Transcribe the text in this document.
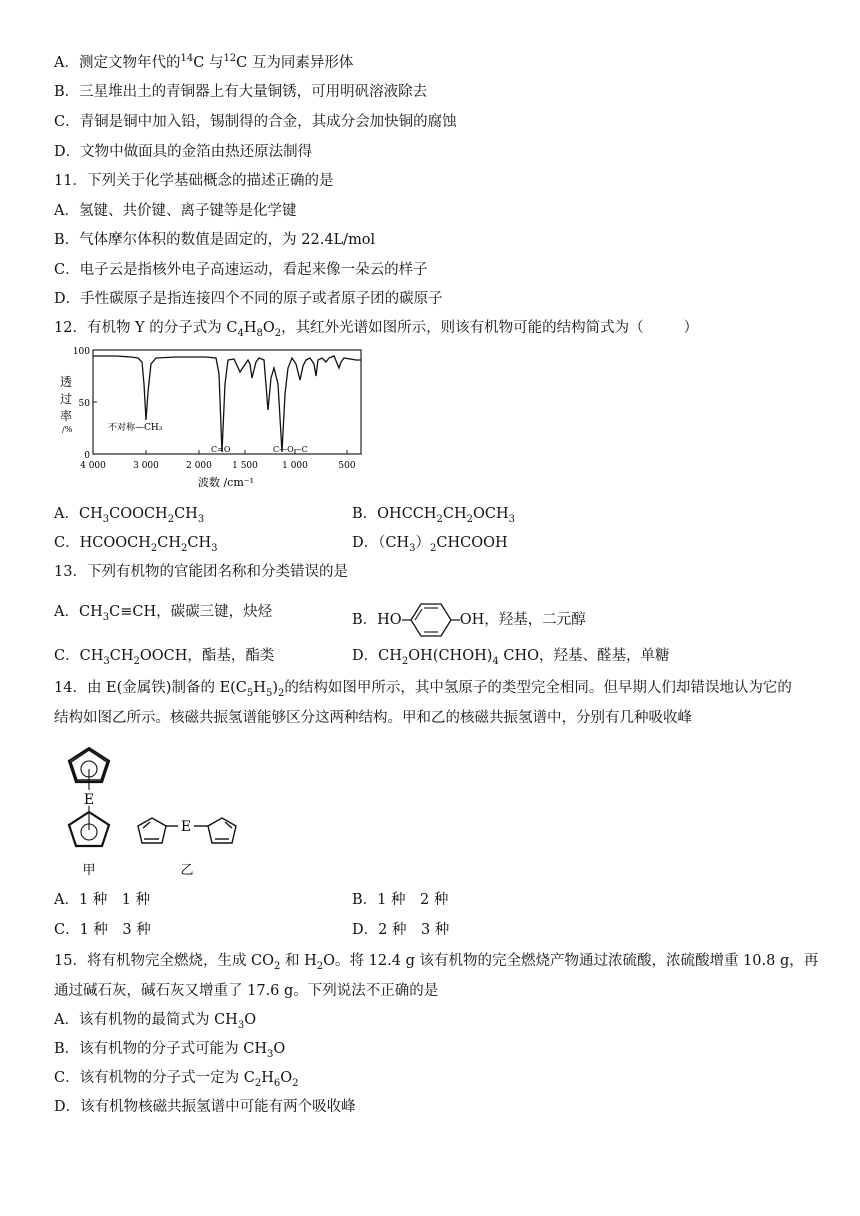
A．测定文物年代的$^{14}$C 与$^{12}$C 互为同素异形体
B．三星堆出土的青铜器上有大量铜锈，可用明矾溶液除去
C．青铜是铜中加入铅，锡制得的合金，其成分会加快铜的腐蚀
D．文物中做面具的金箔由热还原法制得
11．下列关于化学基础概念的描述正确的是
A．氢键、共价键、离子键等是化学键
B．气体摩尔体积的数值是固定的，为 22.4L/mol
C．电子云是指核外电子高速运动，看起来像一朵云的样子
D．手性碳原子是指连接四个不同的原子或者原子团的碳原子
12．有机物 Y 的分子式为 $C_4H_8O_2$，其红外光谱如图所示，则该有机物可能的结构简式为（	）
100
50
0
透过率/%
4 000	3 000	2 000 1 500	1 000	500
波数 /cm⁻¹
不对称—CH₃
C=O	C—O—C
A．$CH_3COOCH_2CH_3$	B．$OHCCH_2CH_2OCH_3$
C．$HCOOCH_2CH_2CH_3$	D．$(CH_3)_2CHCOOH$
13．下列有机物的官能团名称和分类错误的是
A．$CH_3C\equiv CH$，碳碳三键，炔烃	B．HO	OH，羟基，二元醇
C．$CH_3CH_2OOCH$，酯基，酯类	D．$CH_2OH(CHOH)_4$ CHO，羟基、醛基，单糖
14．由 E(金属铁)制备的 $E(C_5H_5)_2$的结构如图甲所示，其中氢原子的类型完全相同。但早期人们却错误地认为它的
结构如图乙所示。核磁共振氢谱能够区分这两种结构。甲和乙的核磁共振氢谱中，分别有几种吸收峰
E
甲
E
乙
A．1 种　1 种	B．1 种　2 种
C．1 种　3 种	D．2 种　3 种
15．将有机物完全燃烧，生成 $CO_2$ 和 $H_2O$。将 12.4 g 该有机物的完全燃烧产物通过浓硫酸，浓硫酸增重 10.8 g，再
通过碱石灰，碱石灰又增重了 17.6 g。下列说法不正确的是
A．该有机物的最简式为 $CH_3O$
B．该有机物的分子式可能为 $CH_3O$
C．该有机物的分子式一定为 $C_2H_6O_2$
D．该有机物核磁共振氢谱中可能有两个吸收峰
